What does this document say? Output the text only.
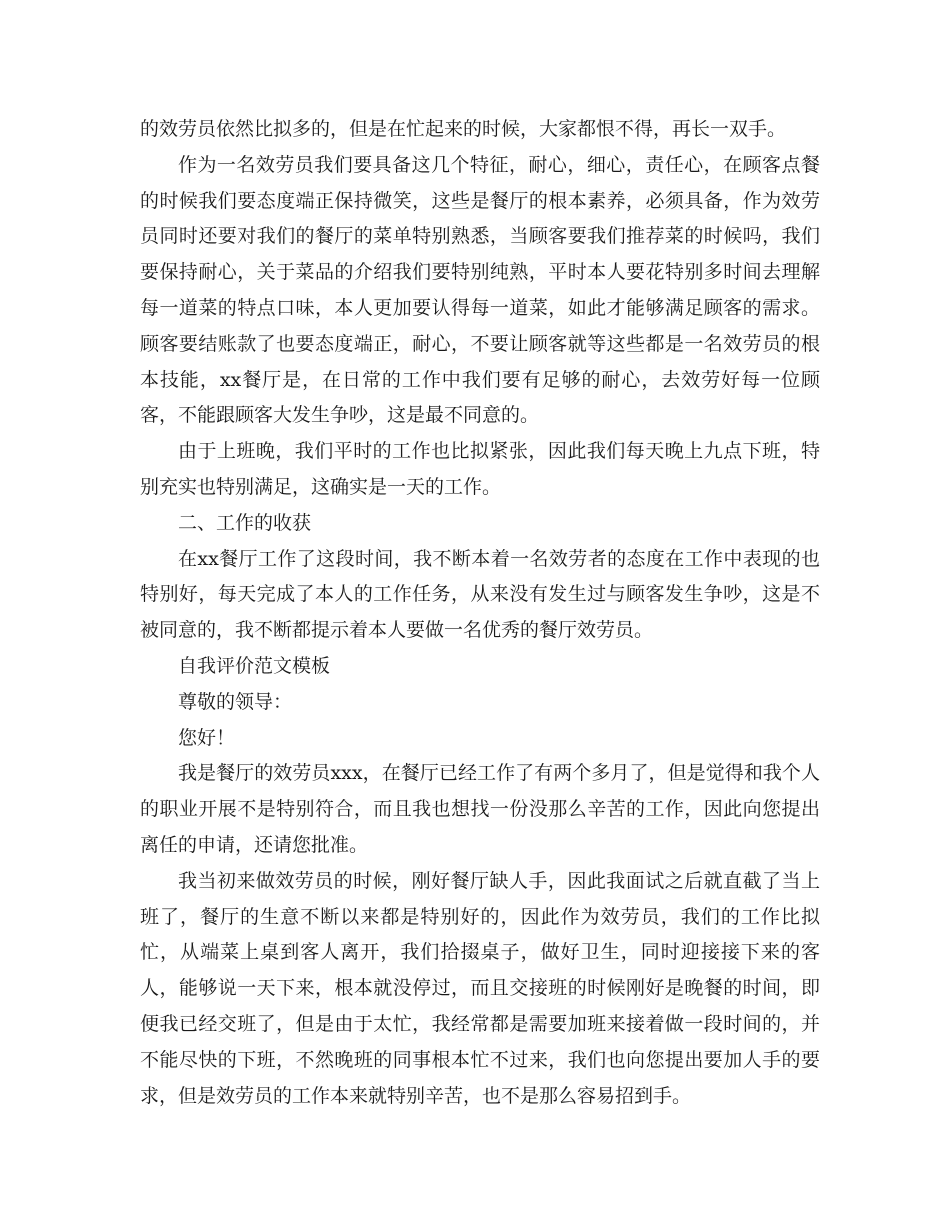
的效劳员依然比拟多的，但是在忙起来的时候，大家都恨不得，再长一双手。

作为一名效劳员我们要具备这几个特征，耐心，细心，责任心，在顾客点餐的时候我们要态度端正保持微笑，这些是餐厅的根本素养，必须具备，作为效劳员同时还要对我们的餐厅的菜单特别熟悉，当顾客要我们推荐菜的时候吗，我们要保持耐心，关于菜品的介绍我们要特别纯熟，平时本人要花特别多时间去理解每一道菜的特点口味，本人更加要认得每一道菜，如此才能够满足顾客的需求。顾客要结账款了也要态度端正，耐心，不要让顾客就等这些都是一名效劳员的根本技能，xx餐厅是，在日常的工作中我们要有足够的耐心，去效劳好每一位顾客，不能跟顾客大发生争吵，这是最不同意的。

由于上班晚，我们平时的工作也比拟紧张，因此我们每天晚上九点下班，特别充实也特别满足，这确实是一天的工作。

二、工作的收获

在xx餐厅工作了这段时间，我不断本着一名效劳者的态度在工作中表现的也特别好，每天完成了本人的工作任务，从来没有发生过与顾客发生争吵，这是不被同意的，我不断都提示着本人要做一名优秀的餐厅效劳员。

自我评价范文模板

尊敬的领导：

您好！

我是餐厅的效劳员xxx，在餐厅已经工作了有两个多月了，但是觉得和我个人的职业开展不是特别符合，而且我也想找一份没那么辛苦的工作，因此向您提出离任的申请，还请您批准。

我当初来做效劳员的时候，刚好餐厅缺人手，因此我面试之后就直截了当上班了，餐厅的生意不断以来都是特别好的，因此作为效劳员，我们的工作比拟忙，从端菜上桌到客人离开，我们拾掇桌子，做好卫生，同时迎接接下来的客人，能够说一天下来，根本就没停过，而且交接班的时候刚好是晚餐的时间，即便我已经交班了，但是由于太忙，我经常都是需要加班来接着做一段时间的，并不能尽快的下班，不然晚班的同事根本忙不过来，我们也向您提出要加人手的要求，但是效劳员的工作本来就特别辛苦，也不是那么容易招到手。
